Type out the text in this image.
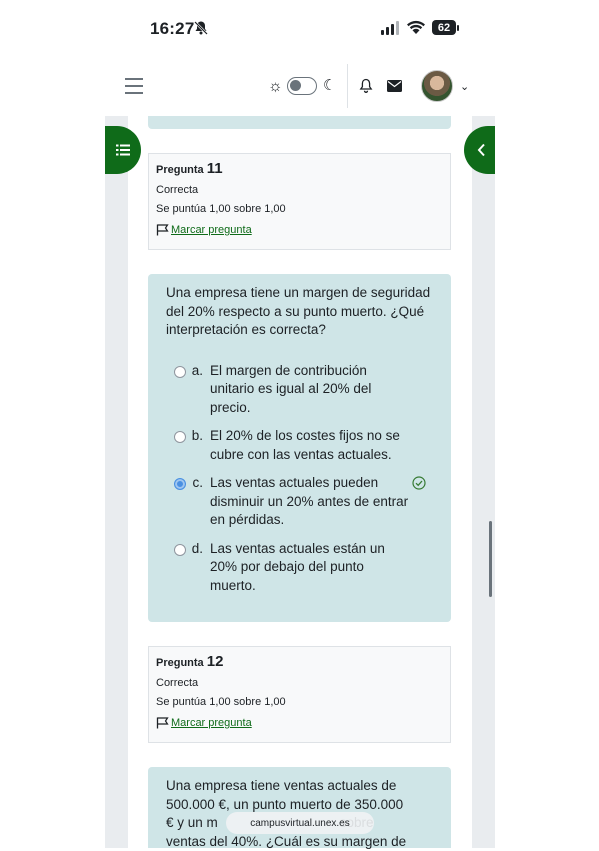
16:27	62
☼	☾	⌄
Pregunta 11
Correcta
Se puntúa 1,00 sobre 1,00
Marcar pregunta
Una empresa tiene un margen de seguridad del 20% respecto a su punto muerto. ¿Qué interpretación es correcta?
a. El margen de contribución unitario es igual al 20% del precio.
b. El 20% de los costes fijos no se cubre con las ventas actuales.
c. Las ventas actuales pueden disminuir un 20% antes de entrar en pérdidas.
d. Las ventas actuales están un 20% por debajo del punto muerto.
Pregunta 12
Correcta
Se puntúa 1,00 sobre 1,00
Marcar pregunta
Una empresa tiene ventas actuales de
500.000 €, un punto muerto de 350.000
€ y un m
ventas del 40%. ¿Cuál es su margen de
campusvirtual.unex.es
